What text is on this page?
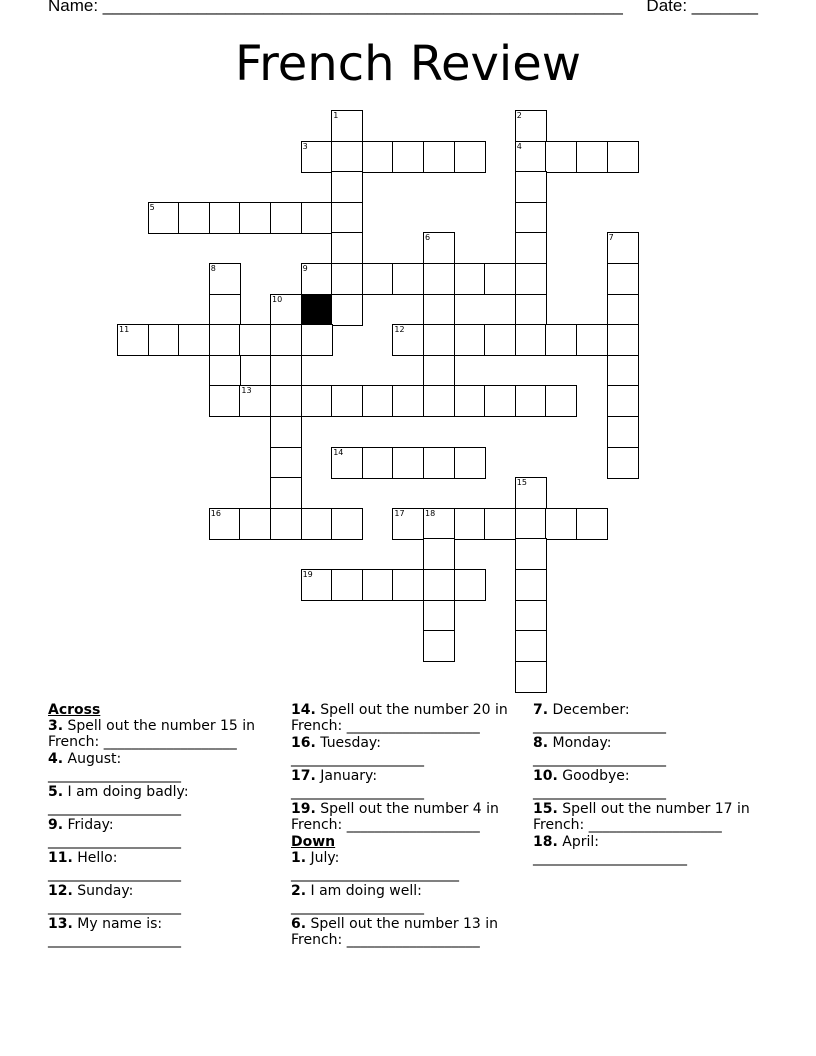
Name: _______________________________________________________     Date: _______
French Review
1	2
3	4
5
6	7
8	9
10
11	12
13
14
15
16	17	18
19
Across
3. Spell out the number 15 in French: ___________________
4. August:
___________________
5. I am doing badly:
___________________
9. Friday:
___________________
11. Hello:
___________________
12. Sunday:
___________________
13. My name is:
___________________
14. Spell out the number 20 in French: ___________________
16. Tuesday:
___________________
17. January:
___________________
19. Spell out the number 4 in French: ___________________
Down
1. July:
________________________
2. I am doing well:
___________________
6. Spell out the number 13 in French: ___________________
7. December:
___________________
8. Monday:
___________________
10. Goodbye:
___________________
15. Spell out the number 17 in French: ___________________
18. April:
______________________
